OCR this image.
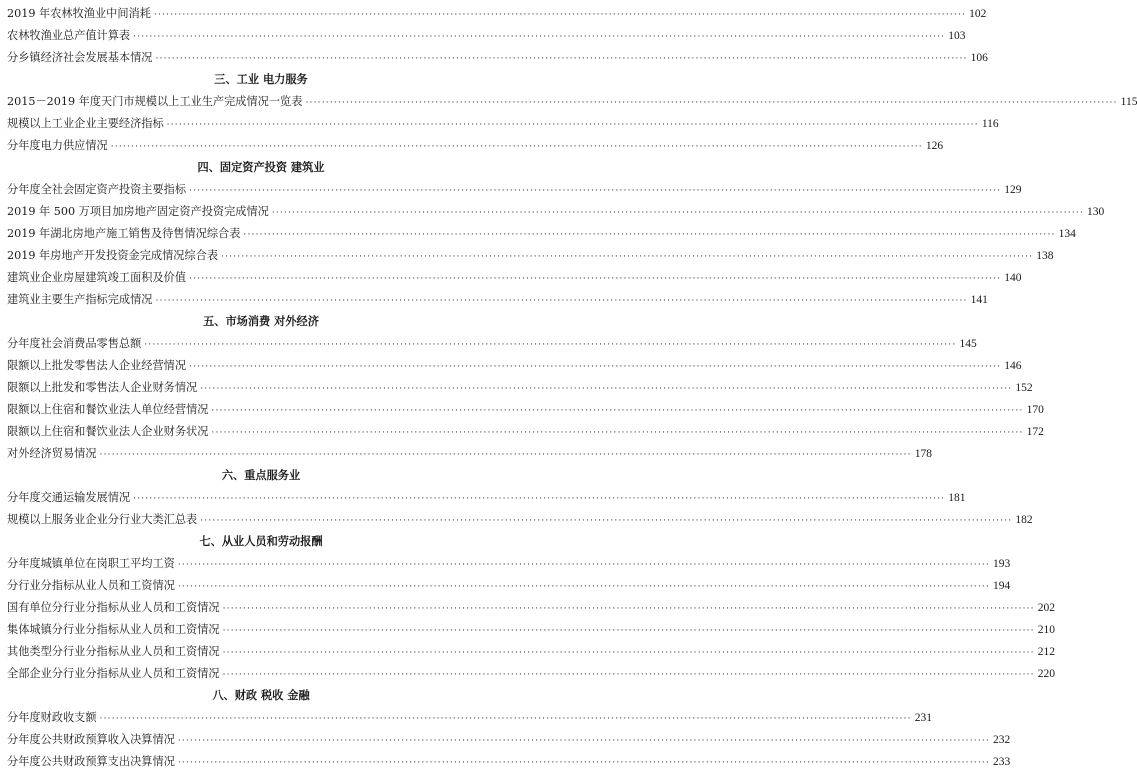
2019 年农林牧渔业中间消耗 ········································································································································································································ 102
农林牧渔业总产值计算表 ········································································································································································································ 103
分乡镇经济社会发展基本情况 ········································································································································································································ 106
三、工业 电力服务
2015－2019 年度天门市规模以上工业生产完成情况一览表 ········································································································································································································ 115
规模以上工业企业主要经济指标 ········································································································································································································ 116
分年度电力供应情况 ········································································································································································································ 126
四、固定资产投资 建筑业
分年度全社会固定资产投资主要指标 ········································································································································································································ 129
2019 年 500 万项目加房地产固定资产投资完成情况 ········································································································································································································ 130
2019 年湖北房地产施工销售及待售情况综合表 ········································································································································································································ 134
2019 年房地产开发投资金完成情况综合表 ········································································································································································································ 138
建筑业企业房屋建筑竣工面积及价值 ········································································································································································································ 140
建筑业主要生产指标完成情况 ········································································································································································································ 141
五、市场消费 对外经济
分年度社会消费品零售总额 ········································································································································································································ 145
限额以上批发零售法人企业经营情况 ········································································································································································································ 146
限额以上批发和零售法人企业财务情况 ········································································································································································································ 152
限额以上住宿和餐饮业法人单位经营情况 ········································································································································································································ 170
限额以上住宿和餐饮业法人企业财务状况 ········································································································································································································ 172
对外经济贸易情况 ········································································································································································································ 178
六、重点服务业
分年度交通运输发展情况 ········································································································································································································ 181
规模以上服务业企业分行业大类汇总表 ········································································································································································································ 182
七、从业人员和劳动报酬
分年度城镇单位在岗职工平均工资 ········································································································································································································ 193
分行业分指标从业人员和工资情况 ········································································································································································································ 194
国有单位分行业分指标从业人员和工资情况 ········································································································································································································ 202
集体城镇分行业分指标从业人员和工资情况 ········································································································································································································ 210
其他类型分行业分指标从业人员和工资情况 ········································································································································································································ 212
全部企业分行业分指标从业人员和工资情况 ········································································································································································································ 220
八、财政 税收 金融
分年度财政收支额 ········································································································································································································ 231
分年度公共财政预算收入决算情况 ········································································································································································································ 232
分年度公共财政预算支出决算情况 ········································································································································································································ 233
